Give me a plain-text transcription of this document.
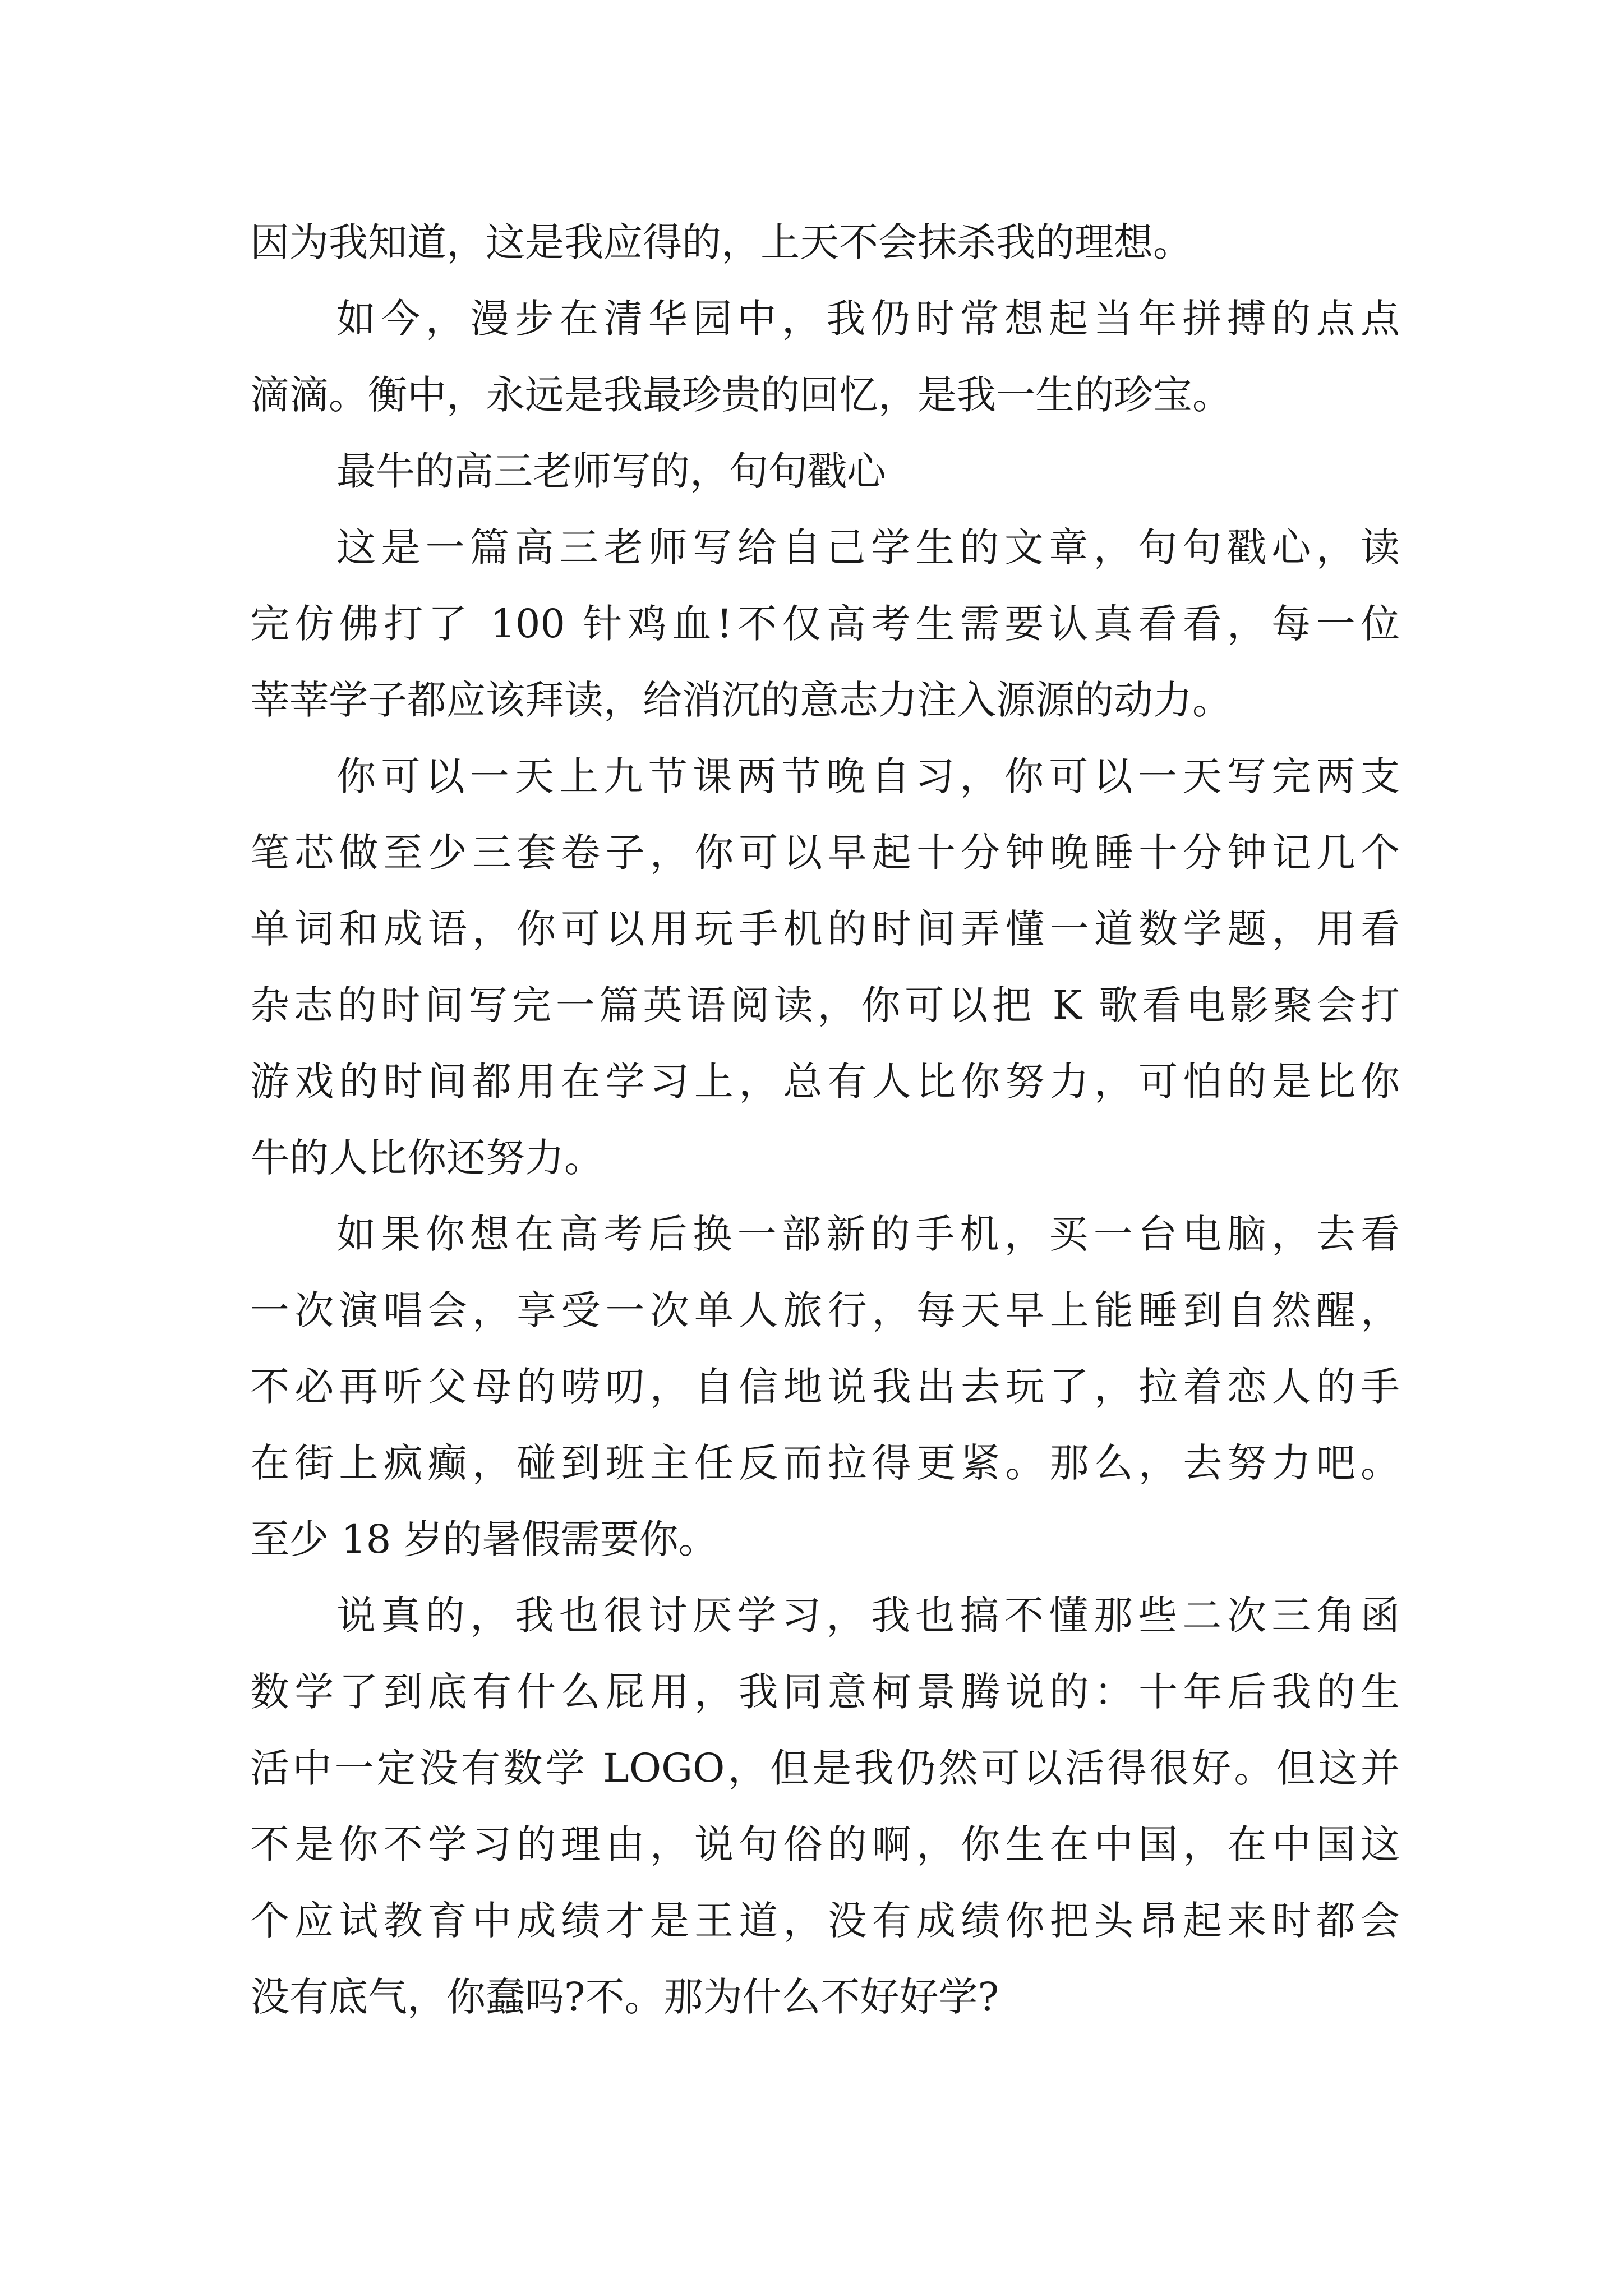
因为我知道，这是我应得的，上天不会抹杀我的理想。
如今，漫步在清华园中，我仍时常想起当年拼搏的点点
滴滴。衡中，永远是我最珍贵的回忆，是我一生的珍宝。
最牛的高三老师写的，句句戳心
这是一篇高三老师写给自己学生的文章，句句戳心，读
完仿佛打了 100 针鸡血!不仅高考生需要认真看看，每一位
莘莘学子都应该拜读，给消沉的意志力注入源源的动力。
你可以一天上九节课两节晚自习，你可以一天写完两支
笔芯做至少三套卷子，你可以早起十分钟晚睡十分钟记几个
单词和成语，你可以用玩手机的时间弄懂一道数学题，用看
杂志的时间写完一篇英语阅读，你可以把 K 歌看电影聚会打
游戏的时间都用在学习上，总有人比你努力，可怕的是比你
牛的人比你还努力。
如果你想在高考后换一部新的手机，买一台电脑，去看
一次演唱会，享受一次单人旅行，每天早上能睡到自然醒，
不必再听父母的唠叨，自信地说我出去玩了，拉着恋人的手
在街上疯癫，碰到班主任反而拉得更紧。那么，去努力吧。
至少 18 岁的暑假需要你。
说真的，我也很讨厌学习，我也搞不懂那些二次三角函
数学了到底有什么屁用，我同意柯景腾说的：十年后我的生
活中一定没有数学 LOGO，但是我仍然可以活得很好。但这并
不是你不学习的理由，说句俗的啊，你生在中国，在中国这
个应试教育中成绩才是王道，没有成绩你把头昂起来时都会
没有底气，你蠢吗?不。那为什么不好好学?
